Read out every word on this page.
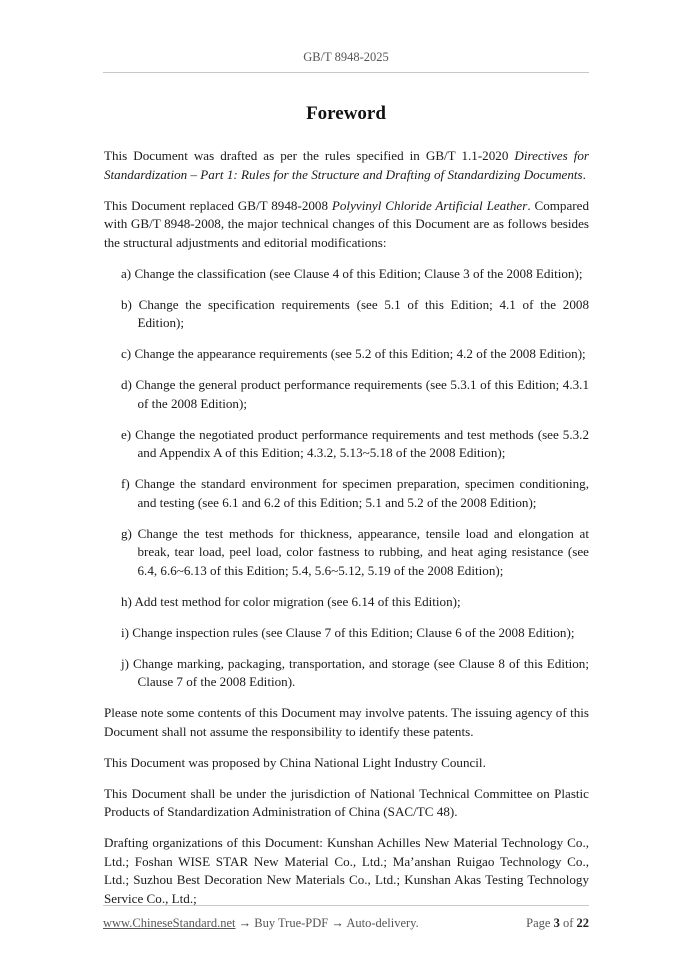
GB/T 8948-2025
Foreword

This Document was drafted as per the rules specified in GB/T 1.1-2020 Directives for Standardization – Part 1: Rules for the Structure and Drafting of Standardizing Documents.

This Document replaced GB/T 8948-2008 Polyvinyl Chloride Artificial Leather. Compared with GB/T 8948-2008, the major technical changes of this Document are as follows besides the structural adjustments and editorial modifications:

a) Change the classification (see Clause 4 of this Edition; Clause 3 of the 2008 Edition);

b) Change the specification requirements (see 5.1 of this Edition; 4.1 of the 2008 Edition);

c) Change the appearance requirements (see 5.2 of this Edition; 4.2 of the 2008 Edition);

d) Change the general product performance requirements (see 5.3.1 of this Edition; 4.3.1 of the 2008 Edition);

e) Change the negotiated product performance requirements and test methods (see 5.3.2 and Appendix A of this Edition; 4.3.2, 5.13~5.18 of the 2008 Edition);

f) Change the standard environment for specimen preparation, specimen conditioning, and testing (see 6.1 and 6.2 of this Edition; 5.1 and 5.2 of the 2008 Edition);

g) Change the test methods for thickness, appearance, tensile load and elongation at break, tear load, peel load, color fastness to rubbing, and heat aging resistance (see 6.4, 6.6~6.13 of this Edition; 5.4, 5.6~5.12, 5.19 of the 2008 Edition);

h) Add test method for color migration (see 6.14 of this Edition);

i) Change inspection rules (see Clause 7 of this Edition; Clause 6 of the 2008 Edition);

j) Change marking, packaging, transportation, and storage (see Clause 8 of this Edition; Clause 7 of the 2008 Edition).

Please note some contents of this Document may involve patents. The issuing agency of this Document shall not assume the responsibility to identify these patents.

This Document was proposed by China National Light Industry Council.

This Document shall be under the jurisdiction of National Technical Committee on Plastic Products of Standardization Administration of China (SAC/TC 48).

Drafting organizations of this Document: Kunshan Achilles New Material Technology Co., Ltd.; Foshan WISE STAR New Material Co., Ltd.; Ma’anshan Ruigao Technology Co., Ltd.; Suzhou Best Decoration New Materials Co., Ltd.; Kunshan Akas Testing Technology Service Co., Ltd.;

www.ChineseStandard.net → Buy True-PDF → Auto-delivery.	Page 3 of 22
